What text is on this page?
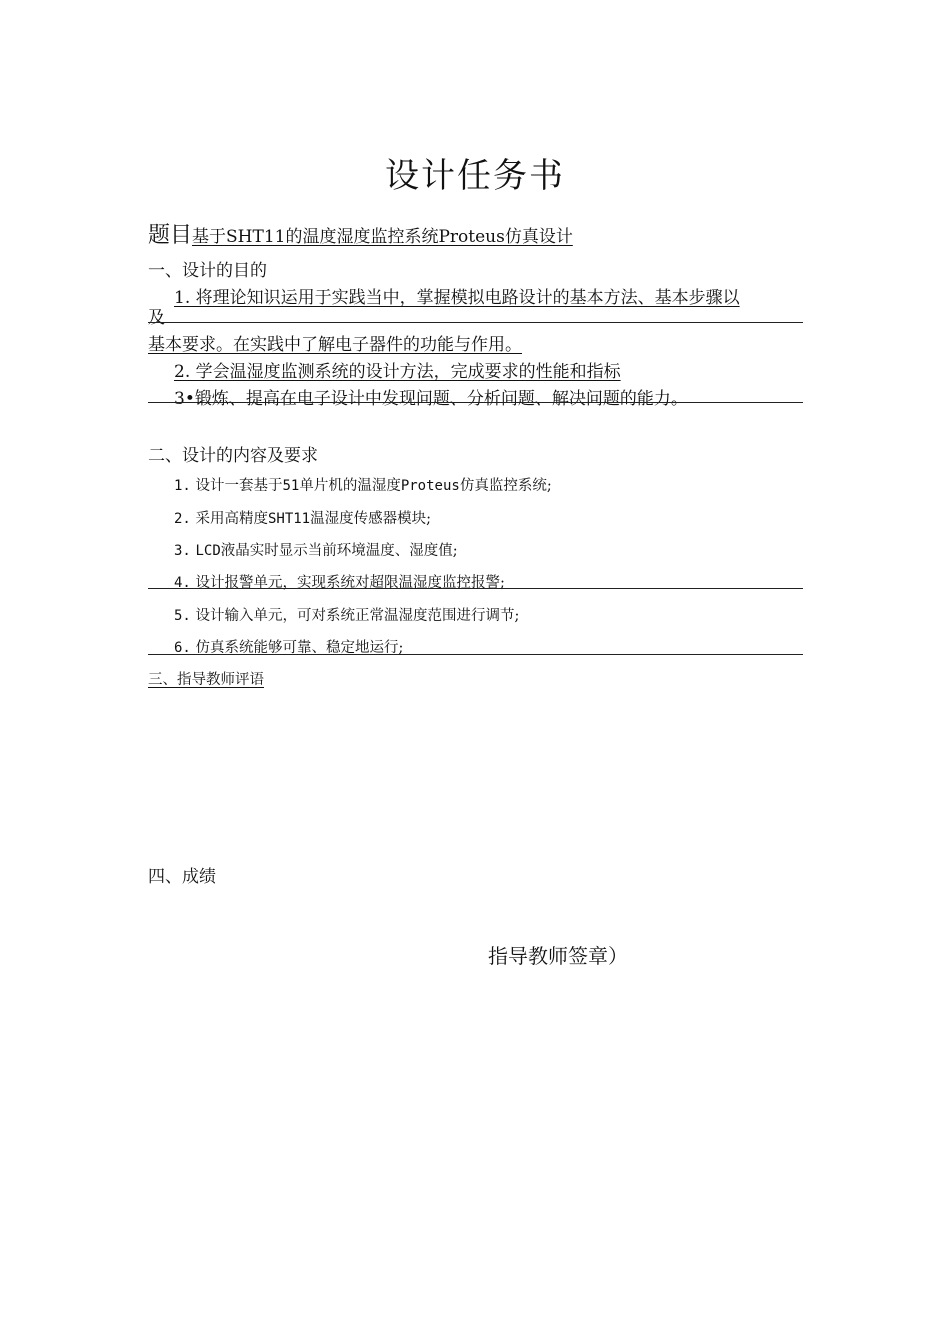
设计任务书
题目基于SHT11的温度湿度监控系统Proteus仿真设计
一、设计的目的
1. 将理论知识运用于实践当中，掌握模拟电路设计的基本方法、基本步骤以
及
基本要求。在实践中了解电子器件的功能与作用。
2. 学会温湿度监测系统的设计方法，完成要求的性能和指标
3•锻炼、提高在电子设计中发现问题、分析问题、解决问题的能力。
二、设计的内容及要求
1. 设计一套基于51单片机的温湿度Proteus仿真监控系统;
2. 采用高精度SHT11温湿度传感器模块;
3. LCD液晶实时显示当前环境温度、湿度值;
4. 设计报警单元，实现系统对超限温湿度监控报警;
5. 设计输入单元，可对系统正常温湿度范围进行调节;
6. 仿真系统能够可靠、稳定地运行;
三、指导教师评语
四、成绩
指导教师签章）
